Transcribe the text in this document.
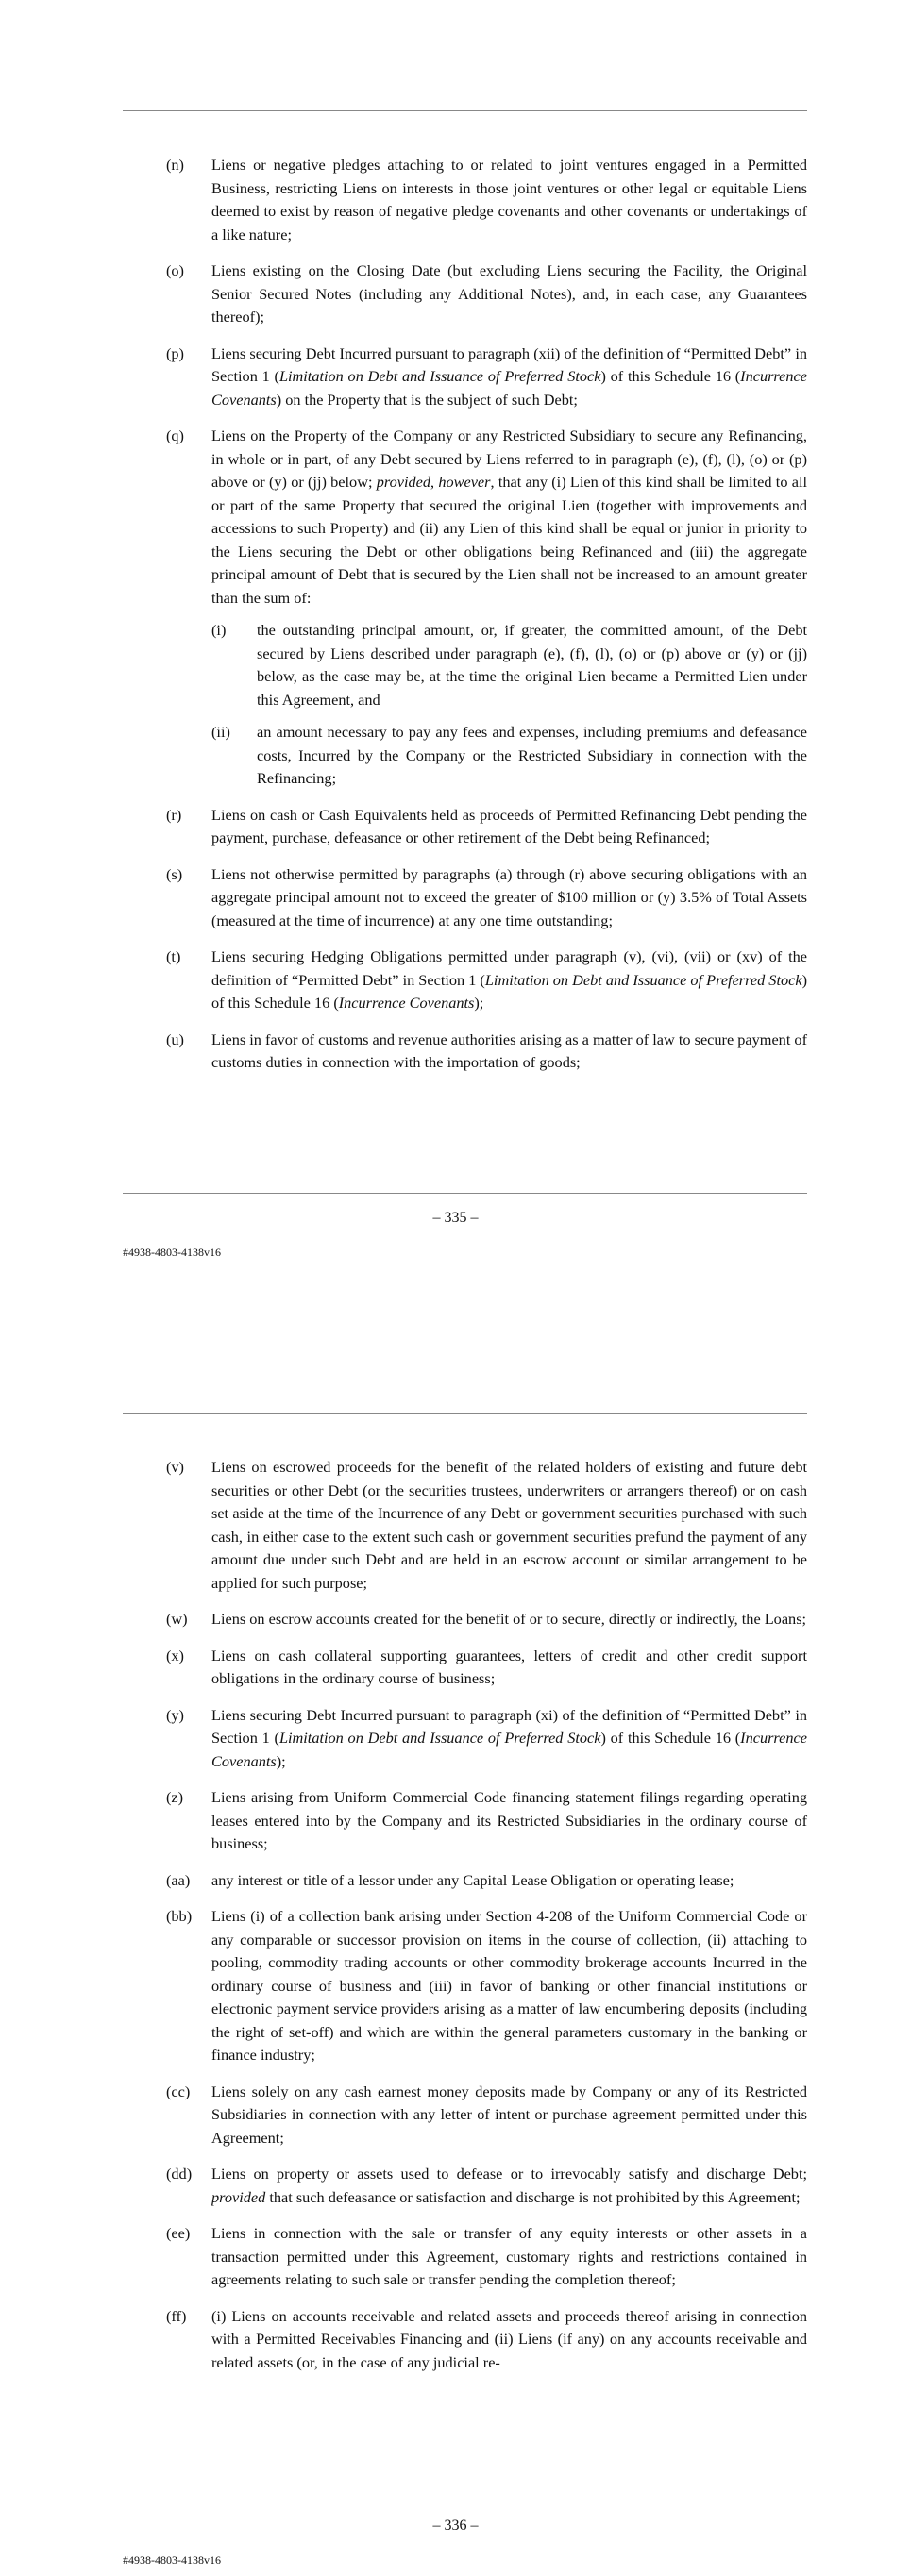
(n)	Liens or negative pledges attaching to or related to joint ventures engaged in a Permitted Business, restricting Liens on interests in those joint ventures or other legal or equitable Liens deemed to exist by reason of negative pledge covenants and other covenants or undertakings of a like nature;
(o)	Liens existing on the Closing Date (but excluding Liens securing the Facility, the Original Senior Secured Notes (including any Additional Notes), and, in each case, any Guarantees thereof);
(p)	Liens securing Debt Incurred pursuant to paragraph (xii) of the definition of “Permitted Debt” in Section 1 (Limitation on Debt and Issuance of Preferred Stock) of this Schedule 16 (Incurrence Covenants) on the Property that is the subject of such Debt;
(q)	Liens on the Property of the Company or any Restricted Subsidiary to secure any Refinancing, in whole or in part, of any Debt secured by Liens referred to in paragraph (e), (f), (l), (o) or (p) above or (y) or (jj) below; provided, however, that any (i) Lien of this kind shall be limited to all or part of the same Property that secured the original Lien (together with improvements and accessions to such Property) and (ii) any Lien of this kind shall be equal or junior in priority to the Liens securing the Debt or other obligations being Refinanced and (iii) the aggregate principal amount of Debt that is secured by the Lien shall not be increased to an amount greater than the sum of:
(i)	the outstanding principal amount, or, if greater, the committed amount, of the Debt secured by Liens described under paragraph (e), (f), (l), (o) or (p) above or (y) or (jj) below, as the case may be, at the time the original Lien became a Permitted Lien under this Agreement, and
(ii)	an amount necessary to pay any fees and expenses, including premiums and defeasance costs, Incurred by the Company or the Restricted Subsidiary in connection with the Refinancing;
(r)	Liens on cash or Cash Equivalents held as proceeds of Permitted Refinancing Debt pending the payment, purchase, defeasance or other retirement of the Debt being Refinanced;
(s)	Liens not otherwise permitted by paragraphs (a) through (r) above securing obligations with an aggregate principal amount not to exceed the greater of $100 million or (y) 3.5% of Total Assets (measured at the time of incurrence) at any one time outstanding;
(t)	Liens securing Hedging Obligations permitted under paragraph (v), (vi), (vii) or (xv) of the definition of “Permitted Debt” in Section 1 (Limitation on Debt and Issuance of Preferred Stock) of this Schedule 16 (Incurrence Covenants);
(u)	Liens in favor of customs and revenue authorities arising as a matter of law to secure payment of customs duties in connection with the importation of goods;
– 335 –
#4938-4803-4138v16
(v)	Liens on escrowed proceeds for the benefit of the related holders of existing and future debt securities or other Debt (or the securities trustees, underwriters or arrangers thereof) or on cash set aside at the time of the Incurrence of any Debt or government securities purchased with such cash, in either case to the extent such cash or government securities prefund the payment of any amount due under such Debt and are held in an escrow account or similar arrangement to be applied for such purpose;
(w)	Liens on escrow accounts created for the benefit of or to secure, directly or indirectly, the Loans;
(x)	Liens on cash collateral supporting guarantees, letters of credit and other credit support obligations in the ordinary course of business;
(y)	Liens securing Debt Incurred pursuant to paragraph (xi) of the definition of “Permitted Debt” in Section 1 (Limitation on Debt and Issuance of Preferred Stock) of this Schedule 16 (Incurrence Covenants);
(z)	Liens arising from Uniform Commercial Code financing statement filings regarding operating leases entered into by the Company and its Restricted Subsidiaries in the ordinary course of business;
(aa)	any interest or title of a lessor under any Capital Lease Obligation or operating lease;
(bb)	Liens (i) of a collection bank arising under Section 4-208 of the Uniform Commercial Code or any comparable or successor provision on items in the course of collection, (ii) attaching to pooling, commodity trading accounts or other commodity brokerage accounts Incurred in the ordinary course of business and (iii) in favor of banking or other financial institutions or electronic payment service providers arising as a matter of law encumbering deposits (including the right of set-off) and which are within the general parameters customary in the banking or finance industry;
(cc)	Liens solely on any cash earnest money deposits made by Company or any of its Restricted Subsidiaries in connection with any letter of intent or purchase agreement permitted under this Agreement;
(dd)	Liens on property or assets used to defease or to irrevocably satisfy and discharge Debt; provided that such defeasance or satisfaction and discharge is not prohibited by this Agreement;
(ee)	Liens in connection with the sale or transfer of any equity interests or other assets in a transaction permitted under this Agreement, customary rights and restrictions contained in agreements relating to such sale or transfer pending the completion thereof;
(ff)	(i) Liens on accounts receivable and related assets and proceeds thereof arising in connection with a Permitted Receivables Financing and (ii) Liens (if any) on any accounts receivable and related assets (or, in the case of any judicial re-
– 336 –
#4938-4803-4138v16
